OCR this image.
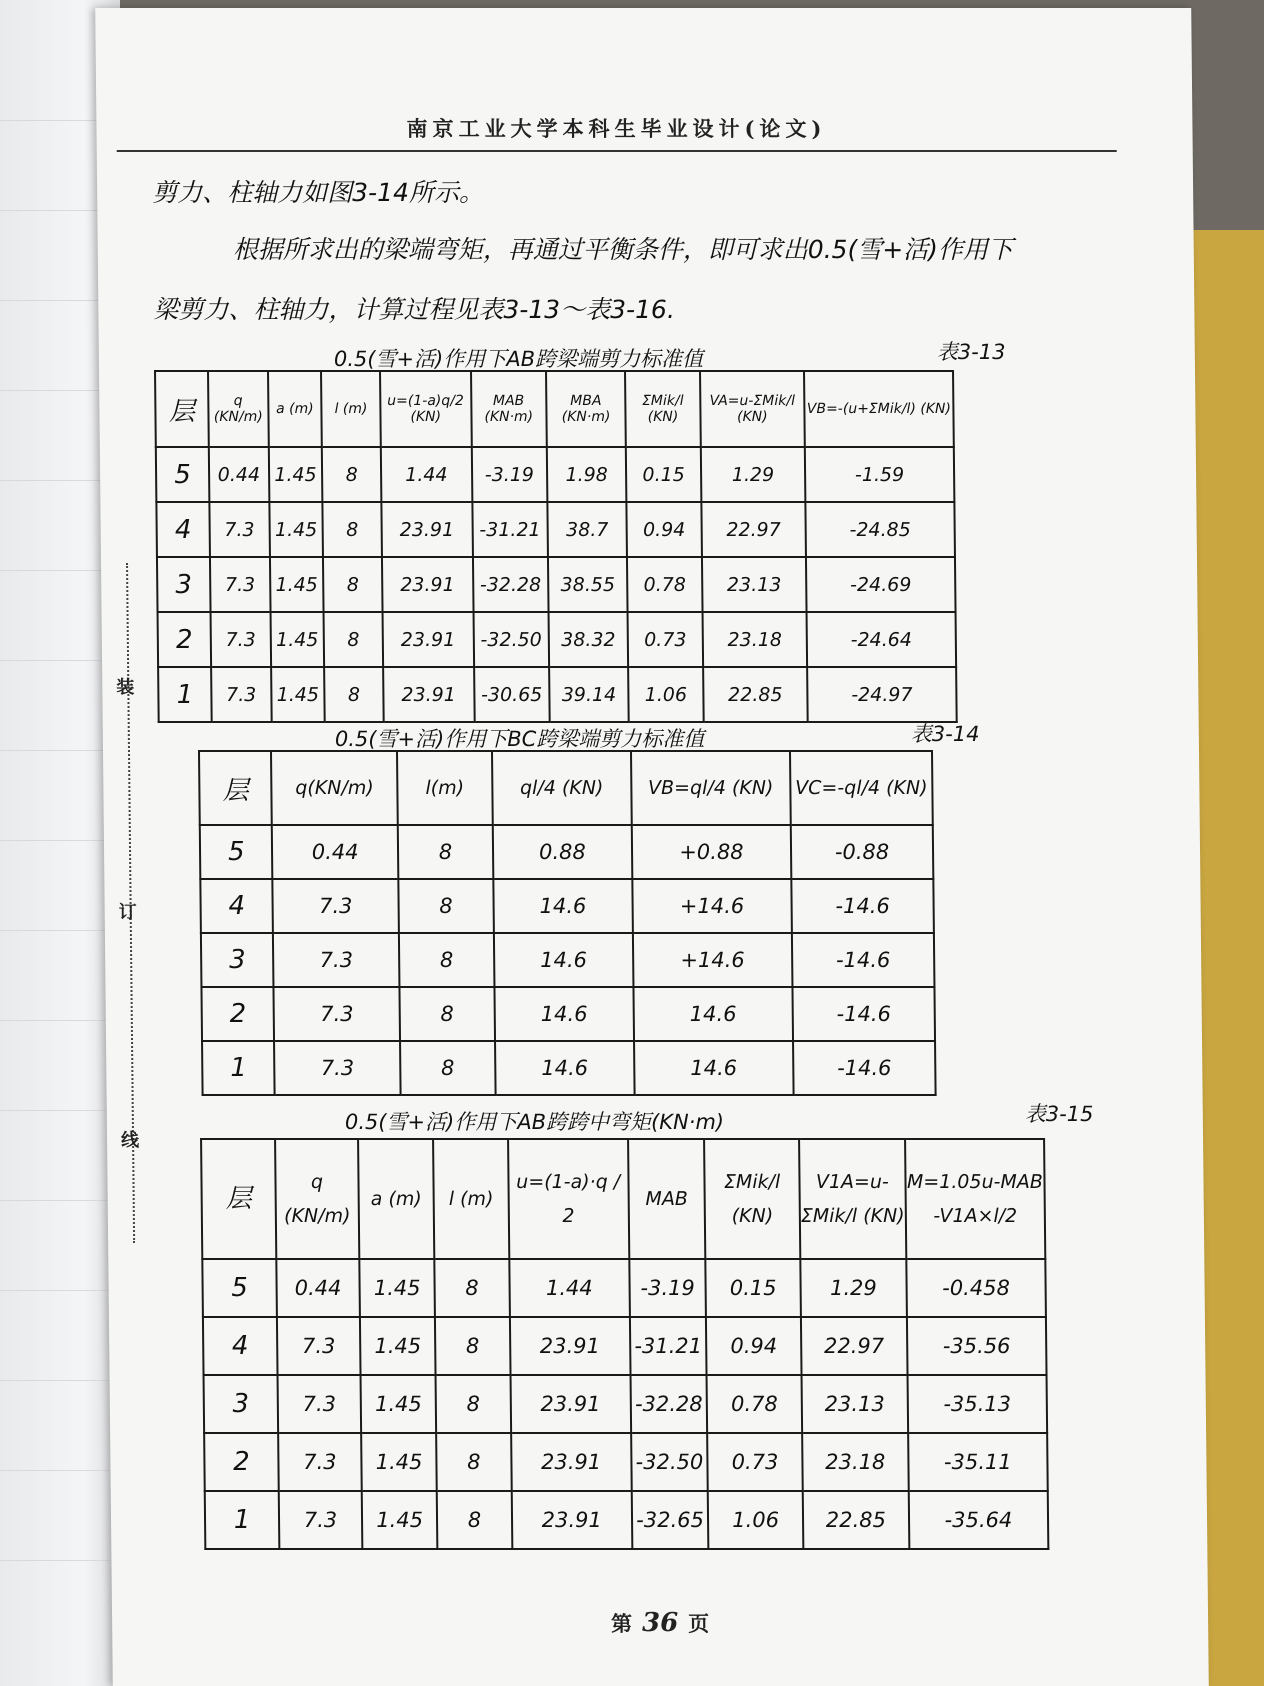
南京工业大学本科生毕业设计(论文)
剪力、柱轴力如图3-14所示。
根据所求出的梁端弯矩，再通过平衡条件，即可求出0.5(雪+活)作用下
梁剪力、柱轴力，计算过程见表3-13～表3-16.
装
订
线
0.5(雪+活)作用下AB跨梁端剪力标准值	表3-13
层	q (KN/m)	a (m)	l (m)	u=(1-a)q/2 (KN)	MAB (KN·m)	MBA (KN·m)	ΣMik/l (KN)	VA=u-ΣMik/l (KN)	VB=-(u+ΣMik/l) (KN)
5	0.44	1.45	8	1.44	-3.19	1.98	0.15	1.29	-1.59
4	7.3	1.45	8	23.91	-31.21	38.7	0.94	22.97	-24.85
3	7.3	1.45	8	23.91	-32.28	38.55	0.78	23.13	-24.69
2	7.3	1.45	8	23.91	-32.50	38.32	0.73	23.18	-24.64
1	7.3	1.45	8	23.91	-30.65	39.14	1.06	22.85	-24.97
0.5(雪+活)作用下BC跨梁端剪力标准值	表3-14
层	q(KN/m)	l(m)	ql/4 (KN)	VB=ql/4 (KN)	VC=-ql/4 (KN)
5	0.44	8	0.88	+0.88	-0.88
4	7.3	8	14.6	+14.6	-14.6
3	7.3	8	14.6	+14.6	-14.6
2	7.3	8	14.6	14.6	-14.6
1	7.3	8	14.6	14.6	-14.6
0.5(雪+活)作用下AB跨跨中弯矩(KN·m)	表3-15
层	q (KN/m)	a (m)	l (m)	u=(1-a)·q / 2	MAB	ΣMik/l (KN)	V1A=u-ΣMik/l (KN)	M=1.05u-MAB -V1A×l/2
5	0.44	1.45	8	1.44	-3.19	0.15	1.29	-0.458
4	7.3	1.45	8	23.91	-31.21	0.94	22.97	-35.56
3	7.3	1.45	8	23.91	-32.28	0.78	23.13	-35.13
2	7.3	1.45	8	23.91	-32.50	0.73	23.18	-35.11
1	7.3	1.45	8	23.91	-32.65	1.06	22.85	-35.64
第 36 页
